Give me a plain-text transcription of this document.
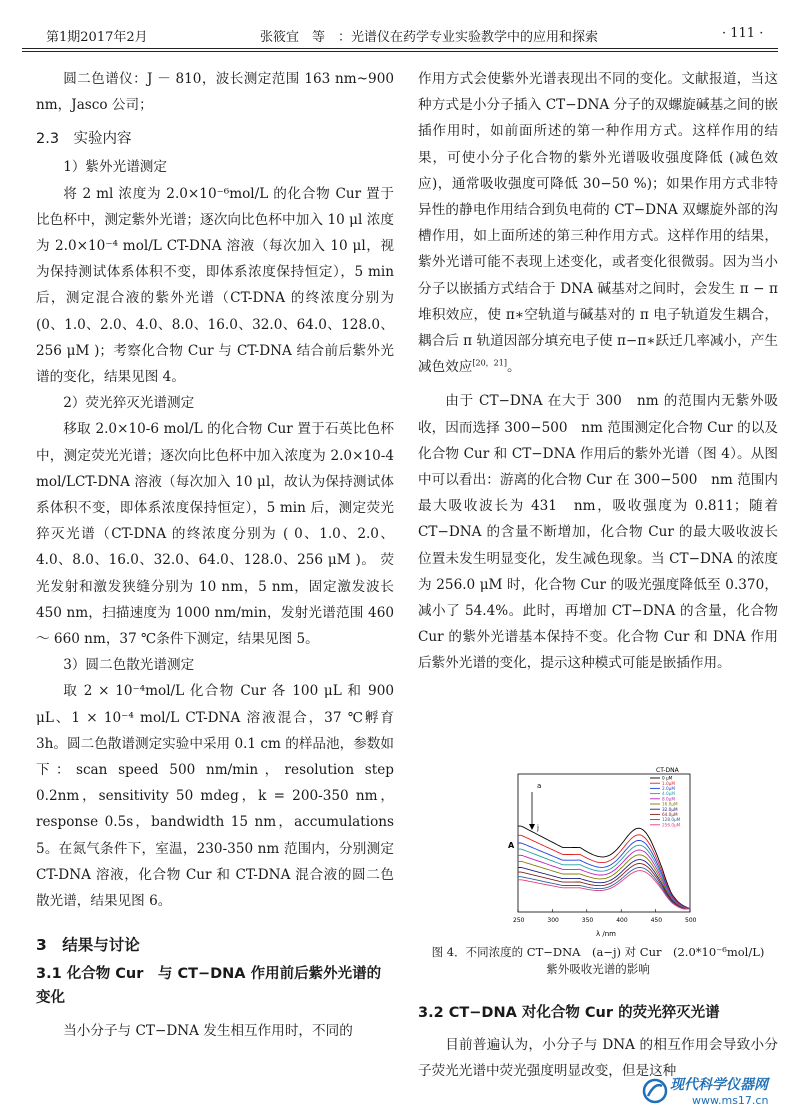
第1期2017年2月	张筱宜　等　：光谱仪在药学专业实验教学中的应用和探索	· 111 ·

圆二色谱仪：J － 810，波长测定范围 163 nm~900 nm，Jasco 公司；

2.3　实验内容

1）紫外光谱测定

将 2 ml 浓度为 2.0×10⁻⁶mol/L 的化合物 Cur 置于比色杯中，测定紫外光谱；逐次向比色杯中加入 10 μl 浓度为 2.0×10⁻⁴ mol/L CT-DNA 溶液（每次加入 10 μl，视为保持测试体系体积不变，即体系浓度保持恒定），5 min 后，测定混合液的紫外光谱（CT-DNA 的终浓度分别为 (0、1.0、2.0、4.0、8.0、16.0、32.0、64.0、128.0、256 μM )；考察化合物 Cur 与 CT-DNA 结合前后紫外光谱的变化，结果见图 4。

2）荧光猝灭光谱测定

移取 2.0×10-6 mol/L 的化合物 Cur 置于石英比色杯中，测定荧光光谱；逐次向比色杯中加入浓度为 2.0×10-4 mol/LCT-DNA 溶液（每次加入 10 μl，故认为保持测试体系体积不变，即体系浓度保持恒定），5 min 后，测定荧光猝灭光谱（CT-DNA 的终浓度分别为 ( 0、1.0、2.0、4.0、8.0、16.0、32.0、64.0、128.0、256 μM )。 荧光发射和激发狭缝分别为 10 nm，5 nm，固定激发波长 450 nm，扫描速度为 1000 nm/min，发射光谱范围 460 ～ 660 nm，37 ℃条件下测定，结果见图 5。

3）圆二色散光谱测定

取 2 × 10⁻⁴mol/L 化合物 Cur 各 100 μL 和 900 μL、1 × 10⁻⁴ mol/L CT-DNA 溶液混合，37 ℃孵育 3h。圆二色散谱测定实验中采用 0.1 cm 的样品池，参数如下：scan speed 500 nm/min，resolution step 0.2nm，sensitivity 50 mdeg，k = 200-350 nm，response 0.5s，bandwidth 15 nm，accumulations 5。在氮气条件下，室温，230-350 nm 范围内，分别测定 CT-DNA 溶液，化合物 Cur 和 CT-DNA 混合液的圆二色散光谱，结果见图 6。

3　结果与讨论
3.1 化合物 Cur　与 CT−DNA 作用前后紫外光谱的变化

当小分子与 CT−DNA 发生相互作用时，不同的

作用方式会使紫外光谱表现出不同的变化。文献报道，当这种方式是小分子插入 CT−DNA 分子的双螺旋碱基之间的嵌插作用时，如前面所述的第一种作用方式。这样作用的结果，可使小分子化合物的紫外光谱吸收强度降低 (减色效应)，通常吸收强度可降低 30−50 %)；如果作用方式非特异性的静电作用结合到负电荷的 CT−DNA 双螺旋外部的沟槽作用，如上面所述的第三种作用方式。这样作用的结果，紫外光谱可能不表现上述变化，或者变化很微弱。因为当小分子以嵌插方式结合于 DNA 碱基对之间时，会发生 π − π 堆积效应，使 π∗空轨道与碱基对的 π 电子轨道发生耦合，耦合后 π 轨道因部分填充电子使 π−π∗跃迁几率减小，产生减色效应[20，21]。

由于 CT−DNA 在大于 300　nm 的范围内无紫外吸收，因而选择 300−500　nm 范围测定化合物 Cur 的以及化合物 Cur 和 CT−DNA 作用后的紫外光谱（图 4）。从图中可以看出：游离的化合物 Cur 在 300−500　nm 范围内最大吸收波长为 431　nm，吸收强度为 0.811；随着 CT−DNA 的含量不断增加，化合物 Cur 的最大吸收波长位置未发生明显变化，发生减色现象。当 CT−DNA 的浓度为 256.0 μM 时，化合物 Cur 的吸光强度降低至 0.370，减小了 54.4%。此时，再增加 CT−DNA 的含量，化合物 Cur 的紫外光谱基本保持不变。化合物 Cur 和 DNA 作用后紫外光谱的变化，提示这种模式可能是嵌插作用。

A
λ /nm
250	300	350	400	450	500
a
j
CT-DNA
0 μM
1.0μM
2.0μM
4.0μM
8.0μM
16.0μM
32.0μM
64.0μM
128.0μM
256.0μM
图 4．不同浓度的 CT−DNA　(a−j) 对 Cur　(2.0*10⁻⁶mol/L)
紫外吸收光谱的影响
3.2 CT−DNA 对化合物 Cur 的荧光猝灭光谱

目前普遍认为，小分子与 DNA 的相互作用会导致小分子荧光光谱中荧光强度明显改变，但是这种

现代科学仪器网
www.ms17.cn
